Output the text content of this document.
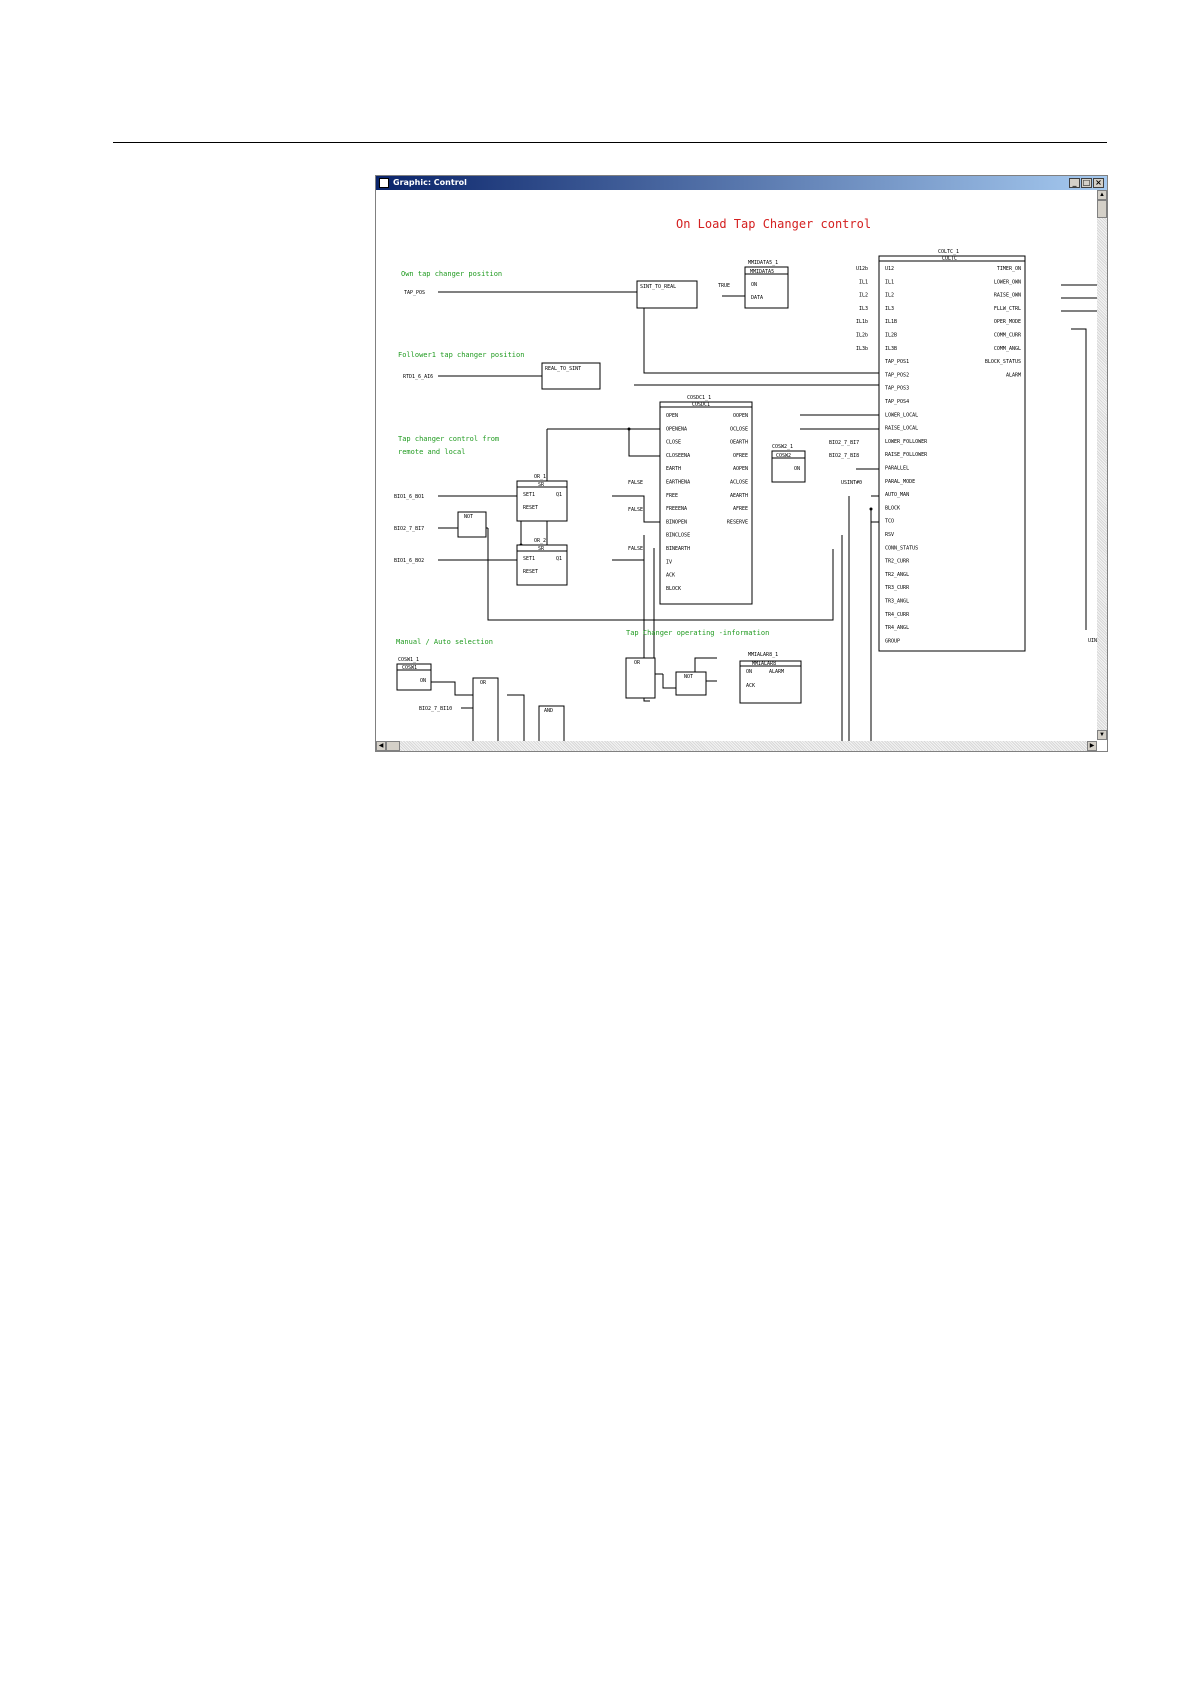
Graphic: Control	_ □ ×
On Load Tap Changer control
Own tap changer position
Follower1 tap changer position
Tap changer control from
remote and local
Manual / Auto selection
Tap Changer operating -information
TAP_POS
RTD1_6_AI6
BIO1_6_BO1
BIO2_7_BI7
BIO1_6_BO2
BIO2_7_BI10
TRUE
FALSE
FALSE
FALSE
BIO2_7_BI7
BIO2_7_BI8
USINT#0
UIN
SINT_TO_REAL
REAL_TO_SINT
MMIDATA5_1
MMIDATA5
ON
DATA
OR_1
SR
SET1
RESET
Q1
OR_2
SR
SET1
RESET
Q1
NOT
NOT
OR
OR
AND
COSW1_1
COSW1
ON
COSW2_1
COSW2
ON
MMIALAR8_1
MMIALAR8
ON
ACK
ALARM
COSDC1_1
COSDC1
OPEN
OPENENA
CLOSE
CLOSEENA
EARTH
EARTHENA
FREE
FREEENA
BINOPEN
BINCLOSE
BINEARTH
IV
ACK
BLOCK
OOPEN
OCLOSE
OEARTH
OFREE
AOPEN
ACLOSE
AEARTH
AFREE
RESERVE
COLTC_1
COLTC
U12b
IL1
IL2
IL3
IL1b
IL2b
IL3b
U12
IL1
IL2
IL3
IL1B
IL2B
IL3B
TAP_POS1
TAP_POS2
TAP_POS3
TAP_POS4
LOWER_LOCAL
RAISE_LOCAL
LOWER_FOLLOWER
RAISE_FOLLOWER
PARALLEL
PARAL_MODE
AUTO_MAN
BLOCK
TCO
RSV
CONN_STATUS
TR2_CURR
TR2_ANGL
TR3_CURR
TR3_ANGL
TR4_CURR
TR4_ANGL
GROUP
TIMER_ON
LOWER_OWN
RAISE_OWN
FLLW_CTRL
OPER_MODE
COMM_CURR
COMM_ANGL
BLOCK_STATUS
ALARM
▲
▼
◀	▶
